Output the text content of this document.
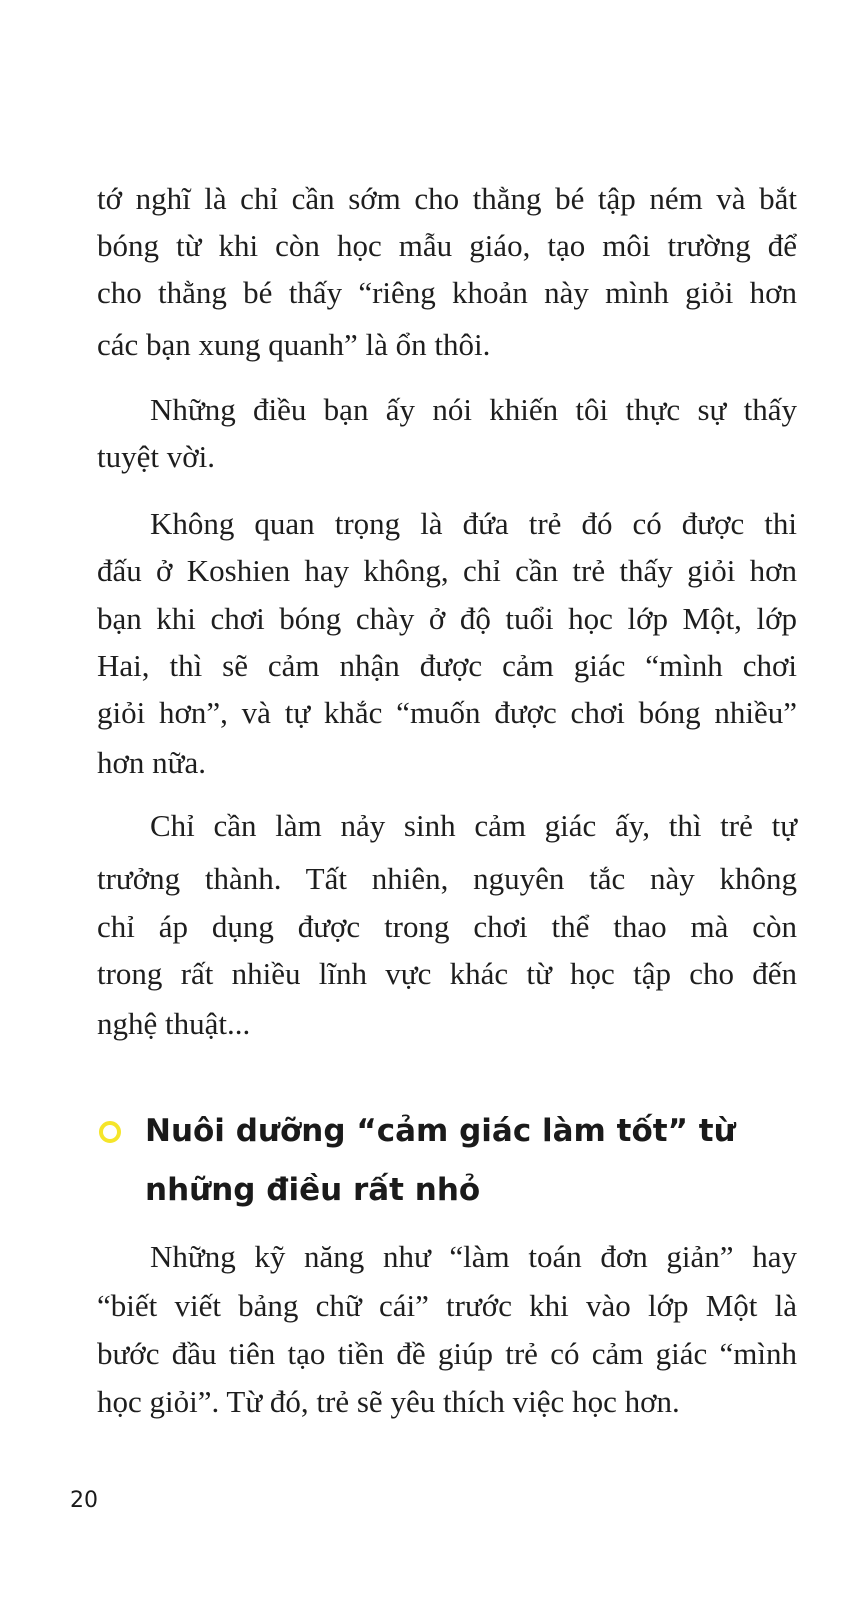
tớ nghĩ là chỉ cần sớm cho thằng bé tập ném và bắt
bóng từ khi còn học mẫu giáo, tạo môi trường để
cho thằng bé thấy “riêng khoản này mình giỏi hơn
các bạn xung quanh” là ổn thôi.
Những điều bạn ấy nói khiến tôi thực sự thấy
tuyệt vời.
Không quan trọng là đứa trẻ đó có được thi
đấu ở Koshien hay không, chỉ cần trẻ thấy giỏi hơn
bạn khi chơi bóng chày ở độ tuổi học lớp Một, lớp
Hai, thì sẽ cảm nhận được cảm giác “mình chơi
giỏi hơn”, và tự khắc “muốn được chơi bóng nhiều”
hơn nữa.
Chỉ cần làm nảy sinh cảm giác ấy, thì trẻ tự
trưởng thành. Tất nhiên, nguyên tắc này không
chỉ áp dụng được trong chơi thể thao mà còn
trong rất nhiều lĩnh vực khác từ học tập cho đến
nghệ thuật...
Nuôi dưỡng “cảm giác làm tốt” từ
những điều rất nhỏ
Những kỹ năng như “làm toán đơn giản” hay
“biết viết bảng chữ cái” trước khi vào lớp Một là
bước đầu tiên tạo tiền đề giúp trẻ có cảm giác “mình
học giỏi”. Từ đó, trẻ sẽ yêu thích việc học hơn.
20
